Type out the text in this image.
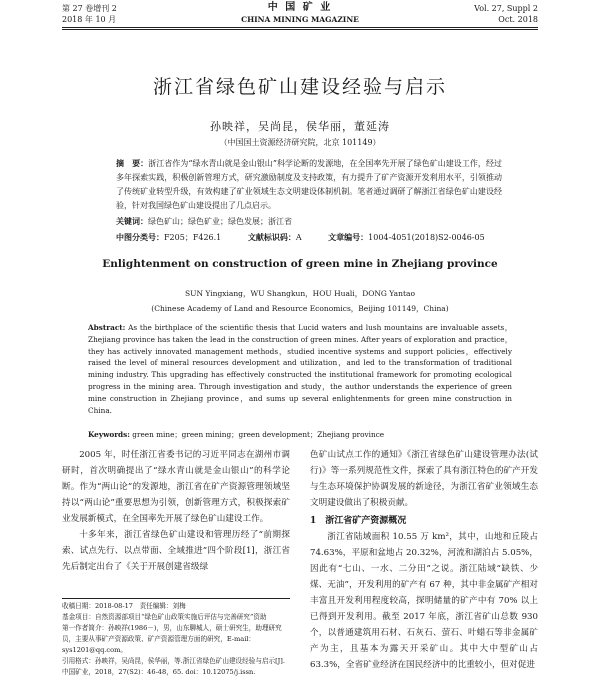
第 27 卷增刊 2
2018 年 10 月
中 国 矿 业
CHINA MINING MAGAZINE
Vol. 27, Suppl 2
Oct. 2018
浙江省绿色矿山建设经验与启示
孙映祥，吴尚昆，侯华丽，董延涛
（中国国土资源经济研究院，北京 101149）
摘　要：浙江省作为“绿水青山就是金山银山”科学论断的发源地，在全国率先开展了绿色矿山建设工作，经过多年探索实践，积极创新管理方式，研究激励制度及支持政策，有力提升了矿产资源开发利用水平，引领推动了传统矿业转型升级，有效构建了矿业领域生态文明建设体制机制。笔者通过调研了解浙江省绿色矿山建设经验，针对我国绿色矿山建设提出了几点启示。
关键词：绿色矿山；绿色矿业；绿色发展；浙江省
中图分类号：F205；F426.1	文献标识码：A	文章编号：1004-4051(2018)S2-0046-05
Enlightenment on construction of green mine in Zhejiang province
SUN Yingxiang，WU Shangkun，HOU Huali，DONG Yantao
(Chinese Academy of Land and Resource Economics，Beijing 101149，China)
Abstract: As the birthplace of the scientific thesis that Lucid waters and lush mountains are invaluable assets，Zhejiang province has taken the lead in the construction of green mines. After years of exploration and practice，they has actively innovated management methods，studied incentive systems and support policies，effectively raised the level of mineral resources development and utilization，and led to the transformation of traditional mining industry. This upgrading has effectively constructed the institutional framework for promoting ecological progress in the mining area. Through investigation and study，the author understands the experience of green mine construction in Zhejiang province，and sums up several enlightenments for green mine construction in China.
Keywords: green mine；green mining；green development；Zhejiang province

2005 年，时任浙江省委书记的习近平同志在湖州市调研时，首次明确提出了“绿水青山就是金山银山”的科学论断。作为“两山论”的发源地，浙江省在矿产资源管理领域坚持以“两山论”重要思想为引领，创新管理方式，积极探索矿业发展新模式，在全国率先开展了绿色矿山建设工作。

十多年来，浙江省绿色矿山建设和管理历经了“前期探索、试点先行、以点带面、全域推进”四个阶段[1]，浙江省先后制定出台了《关于开展创建省级绿

收稿日期：2018-08-17　责任编辑：刘梅

基金项目：自然资源部项目“绿色矿山政策实施后评估与完善研究”资助

第一作者简介：孙映祥(1986－)，男，山东聊城人，硕士研究生，助理研究员，主要从事矿产资源政策、矿产资源管理方面的研究，E-mail：sys1201@qq.com。

引用格式：孙映祥，吴尚昆，侯华丽，等.浙江省绿色矿山建设经验与启示[J].中国矿业，2018，27(S2)：46-48，65. doi：10.12075/j.issn.

色矿山试点工作的通知》《浙江省绿色矿山建设管理办法(试行)》等一系列规范性文件，探索了具有浙江特色的矿产开发与生态环境保护协调发展的新途径，为浙江省矿业领域生态文明建设做出了积极贡献。

1　浙江省矿产资源概况

浙江省陆域面积 10.55 万 km²，其中，山地和丘陵占 74.63%，平原和盆地占 20.32%，河流和湖泊占 5.05%，因此有“七山、一水、二分田”之说。浙江陆域“缺铁、少煤、无油”，开发利用的矿产有 67 种，其中非金属矿产相对丰富且开发利用程度较高，探明储量的矿产中有 70% 以上已得到开发利用。截至 2017 年底，浙江省矿山总数 930 个，以普通建筑用石材、石灰石、萤石、叶蜡石等非金属矿产为主，且基本为露天开采矿山。其中大中型矿山占 63.3%，全省矿业经济在国民经济中的比重较小，但对促进
